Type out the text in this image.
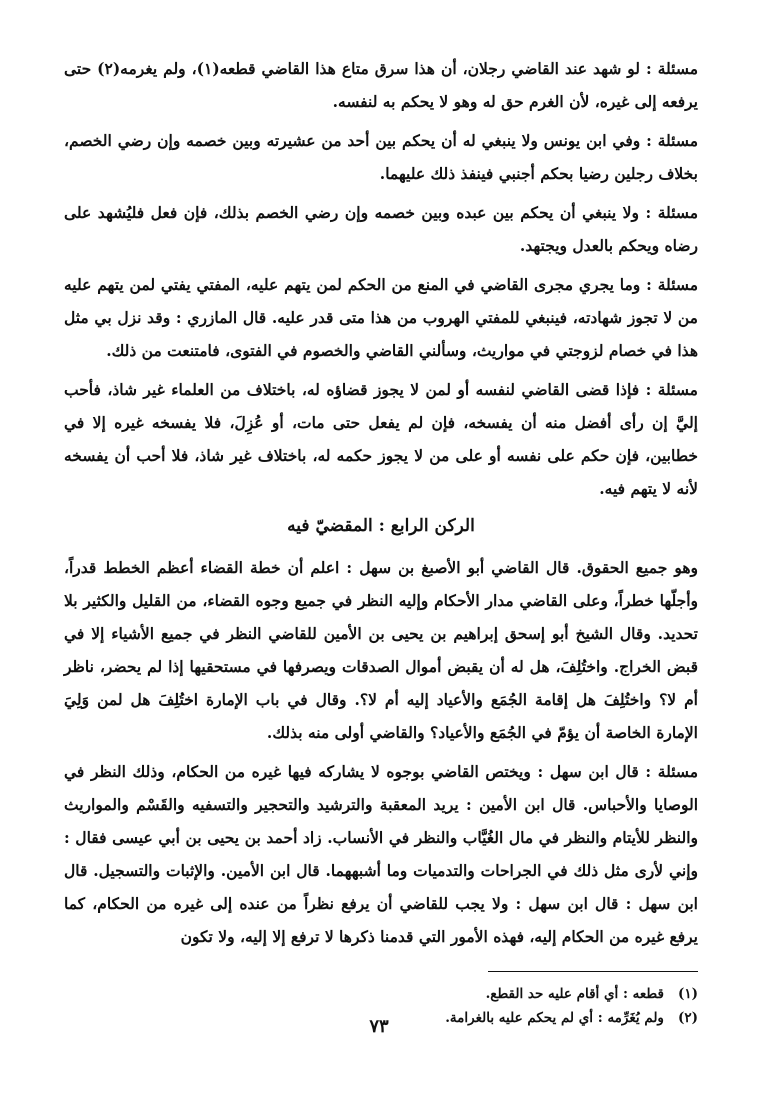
مسئلة : لو شهد عند القاضي رجلان، أن هذا سرق متاع هذا القاضي قطعه(١)، ولم يغرمه(٢) حتى يرفعه إلى غيره، لأن الغرم حق له وهو لا يحكم به لنفسه.

مسئلة : وفي ابن يونس ولا ينبغي له أن يحكم بين أحد من عشيرته وبين خصمه وإن رضي الخصم، بخلاف رجلين رضيا بحكم أجنبي فينفذ ذلك عليهما.

مسئلة : ولا ينبغي أن يحكم بين عبده وبين خصمه وإن رضي الخصم بذلك، فإن فعل فليُشهد على رضاه ويحكم بالعدل ويجتهد.

مسئلة : وما يجري مجرى القاضي في المنع من الحكم لمن يتهم عليه، المفتي يفتي لمن يتهم عليه من لا تجوز شهادته، فينبغي للمفتي الهروب من هذا متى قدر عليه. قال المازري : وقد نزل بي مثل هذا في خصام لزوجتي في مواريث، وسألني القاضي والخصوم في الفتوى، فامتنعت من ذلك.

مسئلة : فإذا قضى القاضي لنفسه أو لمن لا يجوز قضاؤه له، باختلاف من العلماء غير شاذ، فأحب إليَّ إن رأى أفضل منه أن يفسخه، فإن لم يفعل حتى مات، أو عُزِلَ، فلا يفسخه غيره إلا في خطابين، فإن حكم على نفسه أو على من لا يجوز حكمه له، باختلاف غير شاذ، فلا أحب أن يفسخه لأنه لا يتهم فيه.

الركن الرابع : المقضيّ فيه

وهو جميع الحقوق. قال القاضي أبو الأصبغ بن سهل : اعلم أن خطة القضاء أعظم الخطط قدراً، وأجلّها خطراً، وعلى القاضي مدار الأحكام وإليه النظر في جميع وجوه القضاء، من القليل والكثير بلا تحديد. وقال الشيخ أبو إسحق إبراهيم بن يحيى بن الأمين للقاضي النظر في جميع الأشياء إلا في قبض الخراج. واختُلِفَ، هل له أن يقبض أموال الصدقات ويصرفها في مستحقيها إذا لم يحضر، ناظر أم لا؟ واختُلِفَ هل إقامة الجُمَع والأعياد إليه أم لا؟. وقال في باب الإمارة اختُلِفَ هل لمن وَلِيَ الإمارة الخاصة أن يؤمّ في الجُمَع والأعياد؟ والقاضي أولى منه بذلك.

مسئلة : قال ابن سهل : ويختص القاضي بوجوه لا يشاركه فيها غيره من الحكام، وذلك النظر في الوصايا والأحباس. قال ابن الأمين : يريد المعقبة والترشيد والتحجير والتسفيه والقَسْم والمواريث والنظر للأيتام والنظر في مال الغُيَّاب والنظر في الأنساب. زاد أحمد بن يحيى بن أبي عيسى فقال : وإني لأرى مثل ذلك في الجراحات والتدميات وما أشبههما. قال ابن الأمين. والإثبات والتسجيل. قال ابن سهل : قال ابن سهل : ولا يجب للقاضي أن يرفع نظراً من عنده إلى غيره من الحكام، كما يرفع غيره من الحكام إليه، فهذه الأمور التي قدمنا ذكرها لا ترفع إلا إليه، ولا تكون

(١)قطعه : أي أقام عليه حد القطع.

(٢)ولم يُغَرِّمه : أي لم يحكم عليه بالغرامة.

٧٣
